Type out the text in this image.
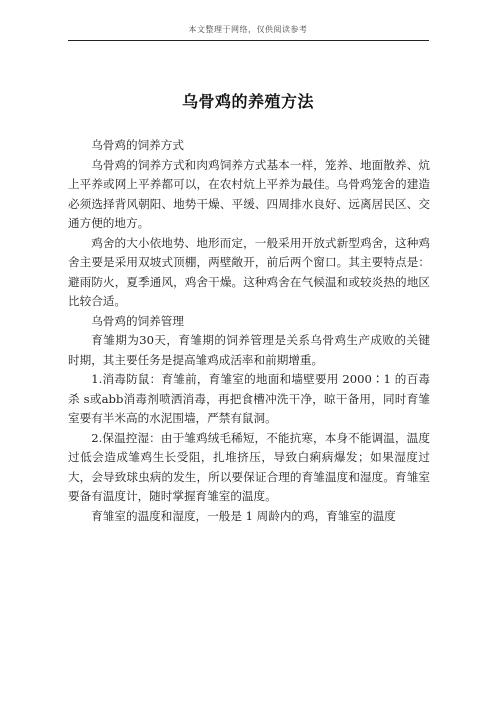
本文整理于网络，仅供阅读参考
乌骨鸡的养殖方法

乌骨鸡的饲养方式

乌骨鸡的饲养方式和肉鸡饲养方式基本一样，笼养、地面散养、炕上平养或网上平养都可以，在农村炕上平养为最佳。乌骨鸡笼舍的建造必须选择背风朝阳、地势干燥、平缓、四周排水良好、远离居民区、交通方便的地方。

鸡舍的大小依地势、地形而定，一般采用开放式新型鸡舍，这种鸡舍主要是采用双坡式顶棚，两壁敞开，前后两个窗口。其主要特点是：避雨防火，夏季通风，鸡舍干燥。这种鸡舍在气候温和或较炎热的地区比较合适。

乌骨鸡的饲养管理

育雏期为30天，育雏期的饲养管理是关系乌骨鸡生产成败的关键时期，其主要任务是提高雏鸡成活率和前期增重。

1.消毒防鼠：育雏前，育雏室的地面和墙壁要用 2000∶1 的百毒杀 s或abb消毒剂喷洒消毒，再把食槽冲洗干净，晾干备用，同时育雏室要有半米高的水泥围墙，严禁有鼠洞。

2.保温控湿：由于雏鸡绒毛稀短，不能抗寒，本身不能调温，温度过低会造成雏鸡生长受阻，扎堆挤压，导致白痢病爆发；如果湿度过大，会导致球虫病的发生，所以要保证合理的育雏温度和湿度。育雏室要备有温度计，随时掌握育雏室的温度。

育雏室的温度和湿度，一般是 1 周龄内的鸡，育雏室的温度
